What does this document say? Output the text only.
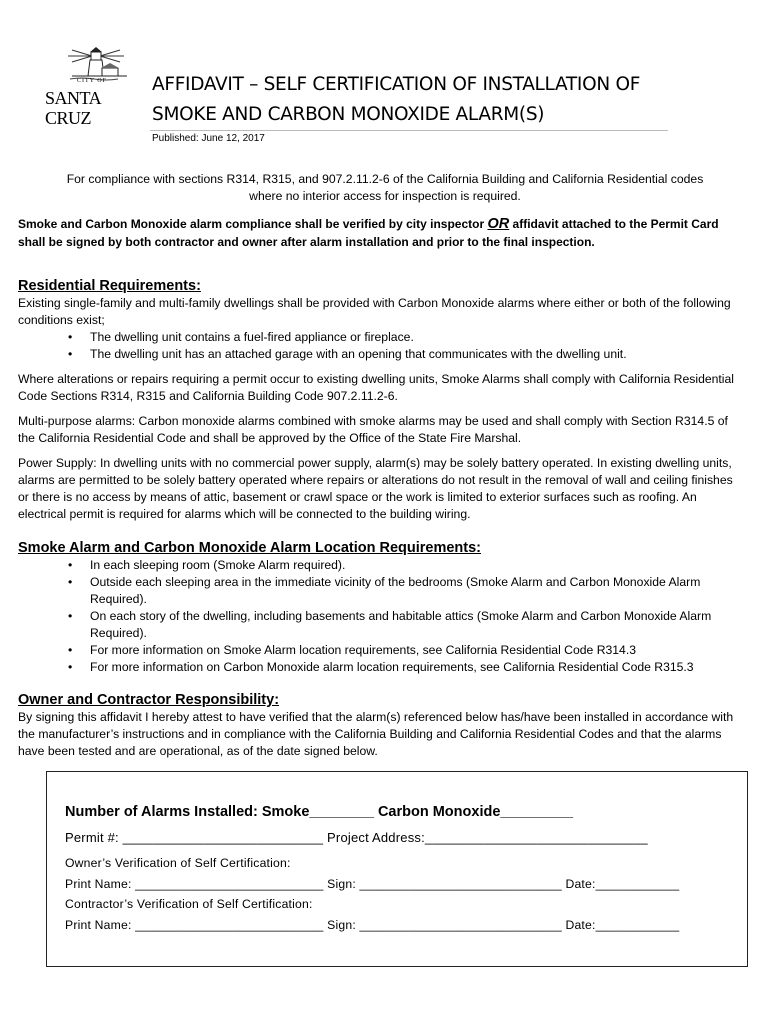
CITY OF
SANTA CRUZ
AFFIDAVIT – SELF CERTIFICATION OF INSTALLATION OF
SMOKE AND CARBON MONOXIDE ALARM(S)
Published: June 12, 2017
For compliance with sections R314, R315, and 907.2.11.2-6 of the California Building and California Residential codes
where no interior access for inspection is required.
Smoke and Carbon Monoxide alarm compliance shall be verified by city inspector OR affidavit attached to the Permit Card shall be signed by both contractor and owner after alarm installation and prior to the final inspection.
Residential Requirements:

Existing single-family and multi-family dwellings shall be provided with Carbon Monoxide alarms where either or both of the following conditions exist;

• The dwelling unit contains a fuel-fired appliance or fireplace.
• The dwelling unit has an attached garage with an opening that communicates with the dwelling unit.

Where alterations or repairs requiring a permit occur to existing dwelling units, Smoke Alarms shall comply with California Residential Code Sections R314, R315 and California Building Code 907.2.11.2-6.

Multi-purpose alarms: Carbon monoxide alarms combined with smoke alarms may be used and shall comply with Section R314.5 of the California Residential Code and shall be approved by the Office of the State Fire Marshal.

Power Supply: In dwelling units with no commercial power supply, alarm(s) may be solely battery operated. In existing dwelling units, alarms are permitted to be solely battery operated where repairs or alterations do not result in the removal of wall and ceiling finishes or there is no access by means of attic, basement or crawl space or the work is limited to exterior surfaces such as roofing. An electrical permit is required for alarms which will be connected to the building wiring.

Smoke Alarm and Carbon Monoxide Alarm Location Requirements:
• In each sleeping room (Smoke Alarm required).
• Outside each sleeping area in the immediate vicinity of the bedrooms (Smoke Alarm and Carbon Monoxide Alarm Required).
• On each story of the dwelling, including basements and habitable attics (Smoke Alarm and Carbon Monoxide Alarm Required).
• For more information on Smoke Alarm location requirements, see California Residential Code R314.3
• For more information on Carbon Monoxide alarm location requirements, see California Residential Code R315.3
Owner and Contractor Responsibility:

By signing this affidavit I hereby attest to have verified that the alarm(s) referenced below has/have been installed in accordance with the manufacturer’s instructions and in compliance with the California Building and California Residential Codes and that the alarms have been tested and are operational, as of the date signed below.

Number of Alarms Installed: Smoke________ Carbon Monoxide_________
Permit #: ___________________________ Project Address:______________________________
Owner’s Verification of Self Certification:
Print Name: ___________________________ Sign: _____________________________ Date:____________
Contractor’s Verification of Self Certification:
Print Name: ___________________________ Sign: _____________________________ Date:____________
